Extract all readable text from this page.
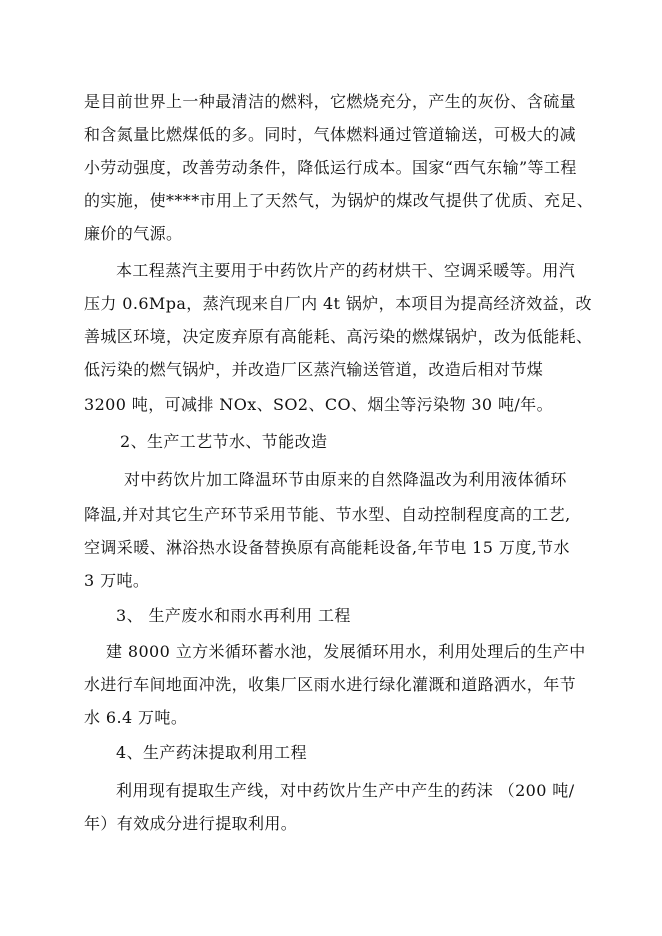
是目前世界上一种最清洁的燃料，它燃烧充分，产生的灰份、含硫量
和含氮量比燃煤低的多。同时，气体燃料通过管道输送，可极大的减
小劳动强度，改善劳动条件，降低运行成本。国家“西气东输”等工程
的实施，使****市用上了天然气，为锅炉的煤改气提供了优质、充足、
廉价的气源。
本工程蒸汽主要用于中药饮片产的药材烘干、空调采暖等。用汽
压力 0.6Mpa，蒸汽现来自厂内 4t 锅炉，本项目为提高经济效益，改
善城区环境，决定废弃原有高能耗、高污染的燃煤锅炉，改为低能耗、
低污染的燃气锅炉，并改造厂区蒸汽输送管道，改造后相对节煤
3200 吨，可减排 NOx、SO2、CO、烟尘等污染物 30 吨/年。
2、生产工艺节水、节能改造
对中药饮片加工降温环节由原来的自然降温改为利用液体循环
降温,并对其它生产环节采用节能、节水型、自动控制程度高的工艺,
空调采暖、淋浴热水设备替换原有高能耗设备,年节电 15 万度,节水
3 万吨。
3、 生产废水和雨水再利用 工程
建 8000 立方米循环蓄水池，发展循环用水，利用处理后的生产中
水进行车间地面冲洗，收集厂区雨水进行绿化灌溉和道路洒水，年节
水 6.4 万吨。
4、生产药沫提取利用工程
利用现有提取生产线，对中药饮片生产中产生的药沫 （200 吨/
年）有效成分进行提取利用。
